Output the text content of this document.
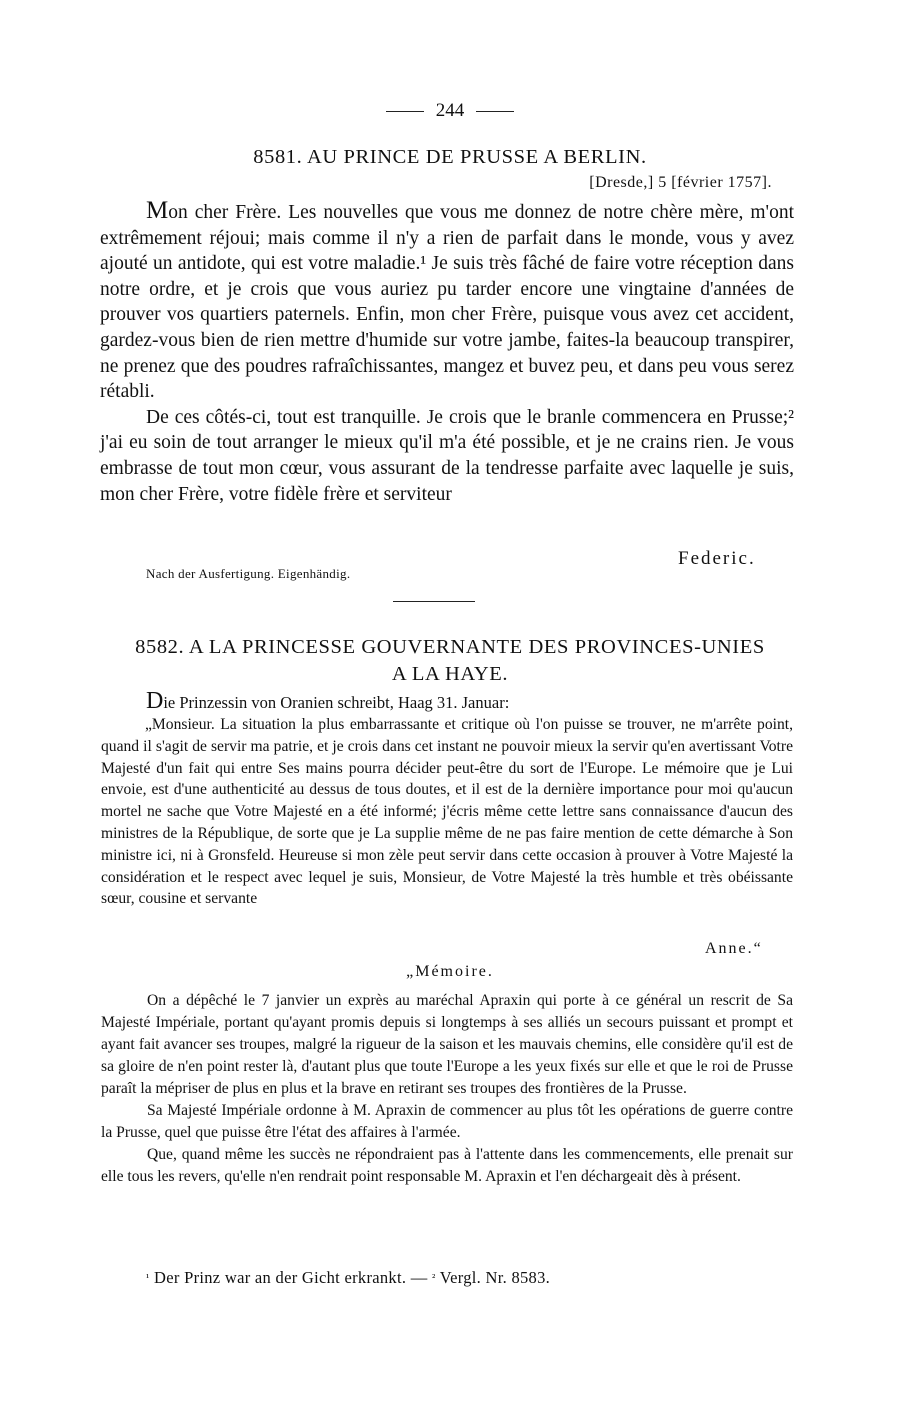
244
8581. AU PRINCE DE PRUSSE A BERLIN.
[Dresde,] 5 [février 1757].

Mon cher Frère. Les nouvelles que vous me donnez de notre chère mère, m'ont extrêmement réjoui; mais comme il n'y a rien de parfait dans le monde, vous y avez ajouté un antidote, qui est votre maladie.¹ Je suis très fâché de faire votre réception dans notre ordre, et je crois que vous auriez pu tarder encore une vingtaine d'années de prouver vos quartiers paternels. Enfin, mon cher Frère, puisque vous avez cet accident, gardez-vous bien de rien mettre d'humide sur votre jambe, faites-la beaucoup transpirer, ne prenez que des poudres rafraîchissantes, mangez et buvez peu, et dans peu vous serez rétabli.

De ces côtés-ci, tout est tranquille. Je crois que le branle commencera en Prusse;² j'ai eu soin de tout arranger le mieux qu'il m'a été possible, et je ne crains rien. Je vous embrasse de tout mon cœur, vous assurant de la tendresse parfaite avec laquelle je suis, mon cher Frère, votre fidèle frère et serviteur

Federic.
Nach der Ausfertigung. Eigenhändig.
8582. A LA PRINCESSE GOUVERNANTE DES PROVINCES-UNIES
A LA HAYE.
Die Prinzessin von Oranien schreibt, Haag 31. Januar:

„Monsieur. La situation la plus embarrassante et critique où l'on puisse se trouver, ne m'arrête point, quand il s'agit de servir ma patrie, et je crois dans cet instant ne pouvoir mieux la servir qu'en avertissant Votre Majesté d'un fait qui entre Ses mains pourra décider peut-être du sort de l'Europe. Le mémoire que je Lui envoie, est d'une authenticité au dessus de tous doutes, et il est de la dernière importance pour moi qu'aucun mortel ne sache que Votre Majesté en a été informé; j'écris même cette lettre sans connaissance d'aucun des ministres de la République, de sorte que je La supplie même de ne pas faire mention de cette démarche à Son ministre ici, ni à Gronsfeld. Heureuse si mon zèle peut servir dans cette occasion à prouver à Votre Majesté la considération et le respect avec lequel je suis, Monsieur, de Votre Majesté la très humble et très obéissante sœur, cousine et servante

Anne.“
„Mémoire.

On a dépêché le 7 janvier un exprès au maréchal Apraxin qui porte à ce général un rescrit de Sa Majesté Impériale, portant qu'ayant promis depuis si longtemps à ses alliés un secours puissant et prompt et ayant fait avancer ses troupes, malgré la rigueur de la saison et les mauvais chemins, elle considère qu'il est de sa gloire de n'en point rester là, d'autant plus que toute l'Europe a les yeux fixés sur elle et que le roi de Prusse paraît la mépriser de plus en plus et la brave en retirant ses troupes des frontières de la Prusse.

Sa Majesté Impériale ordonne à M. Apraxin de commencer au plus tôt les opérations de guerre contre la Prusse, quel que puisse être l'état des affaires à l'armée.

Que, quand même les succès ne répondraient pas à l'attente dans les commencements, elle prenait sur elle tous les revers, qu'elle n'en rendrait point responsable M. Apraxin et l'en déchargeait dès à présent.

¹ Der Prinz war an der Gicht erkrankt. — ² Vergl. Nr. 8583.
